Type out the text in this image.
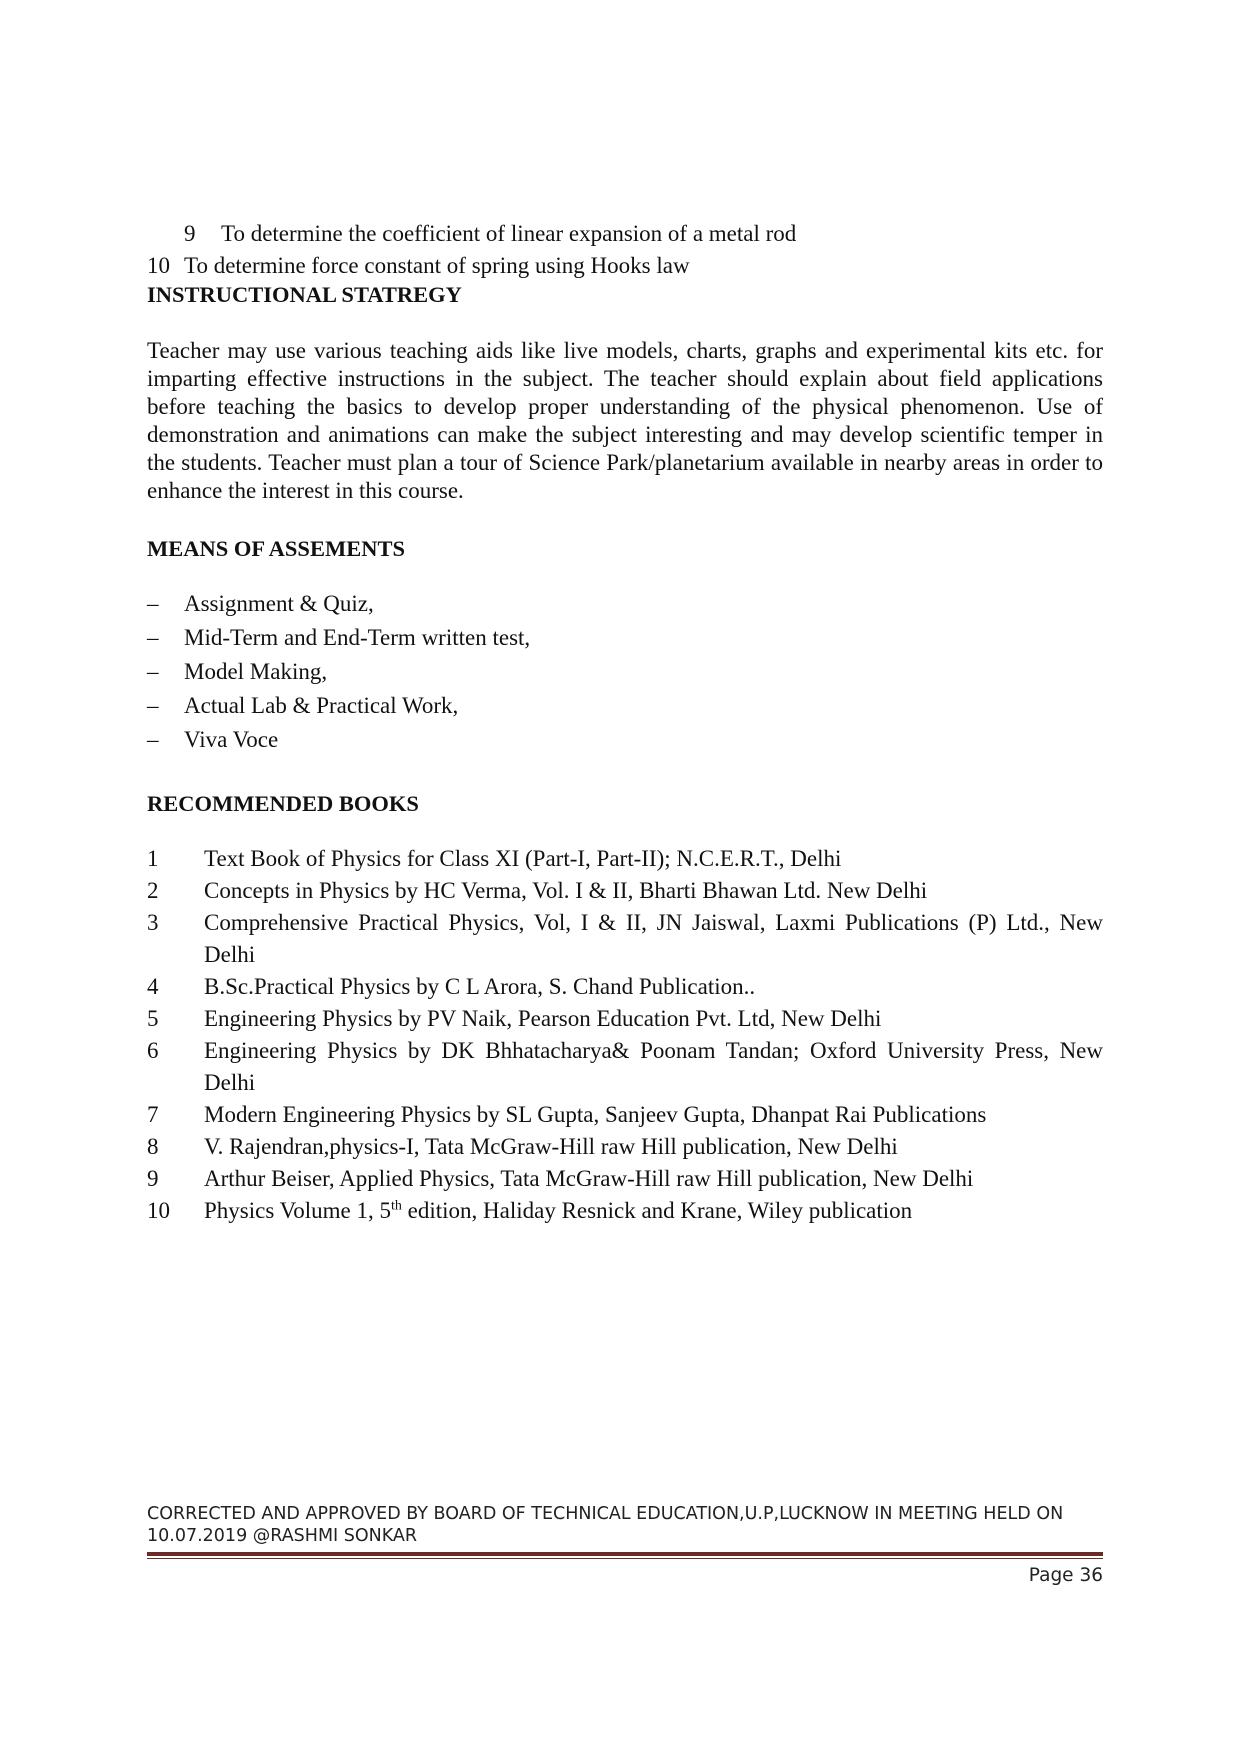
9 To determine the coefficient of linear expansion of a metal rod
10 To determine force constant of spring using Hooks law
INSTRUCTIONAL STATREGY

Teacher may use various teaching aids like live models, charts, graphs and experimental kits etc. for imparting effective instructions in the subject. The teacher should explain about field applications before teaching the basics to develop proper understanding of the physical phenomenon. Use of demonstration and animations can make the subject interesting and may develop scientific temper in the students. Teacher must plan a tour of Science Park/planetarium available in nearby areas in order to enhance the interest in this course.

MEANS OF ASSEMENTS
– Assignment & Quiz,
– Mid-Term and End-Term written test,
– Model Making,
– Actual Lab & Practical Work,
– Viva Voce
RECOMMENDED BOOKS
1 Text Book of Physics for Class XI (Part-I, Part-II); N.C.E.R.T., Delhi
2 Concepts in Physics by HC Verma, Vol. I & II, Bharti Bhawan Ltd. New Delhi
3 Comprehensive Practical Physics, Vol, I & II, JN Jaiswal, Laxmi Publications (P) Ltd., New Delhi
4 B.Sc.Practical Physics by C L Arora, S. Chand Publication..
5 Engineering Physics by PV Naik, Pearson Education Pvt. Ltd, New Delhi
6 Engineering Physics by DK Bhhatacharya& Poonam Tandan; Oxford University Press, New Delhi
7 Modern Engineering Physics by SL Gupta, Sanjeev Gupta, Dhanpat Rai Publications
8 V. Rajendran,physics-I, Tata McGraw-Hill raw Hill publication, New Delhi
9 Arthur Beiser, Applied Physics, Tata McGraw-Hill raw Hill publication, New Delhi
10 Physics Volume 1, 5th edition, Haliday Resnick and Krane, Wiley publication
CORRECTED AND APPROVED BY BOARD OF TECHNICAL EDUCATION,U.P,LUCKNOW IN MEETING HELD ON
10.07.2019 @RASHMI SONKAR
Page 36
